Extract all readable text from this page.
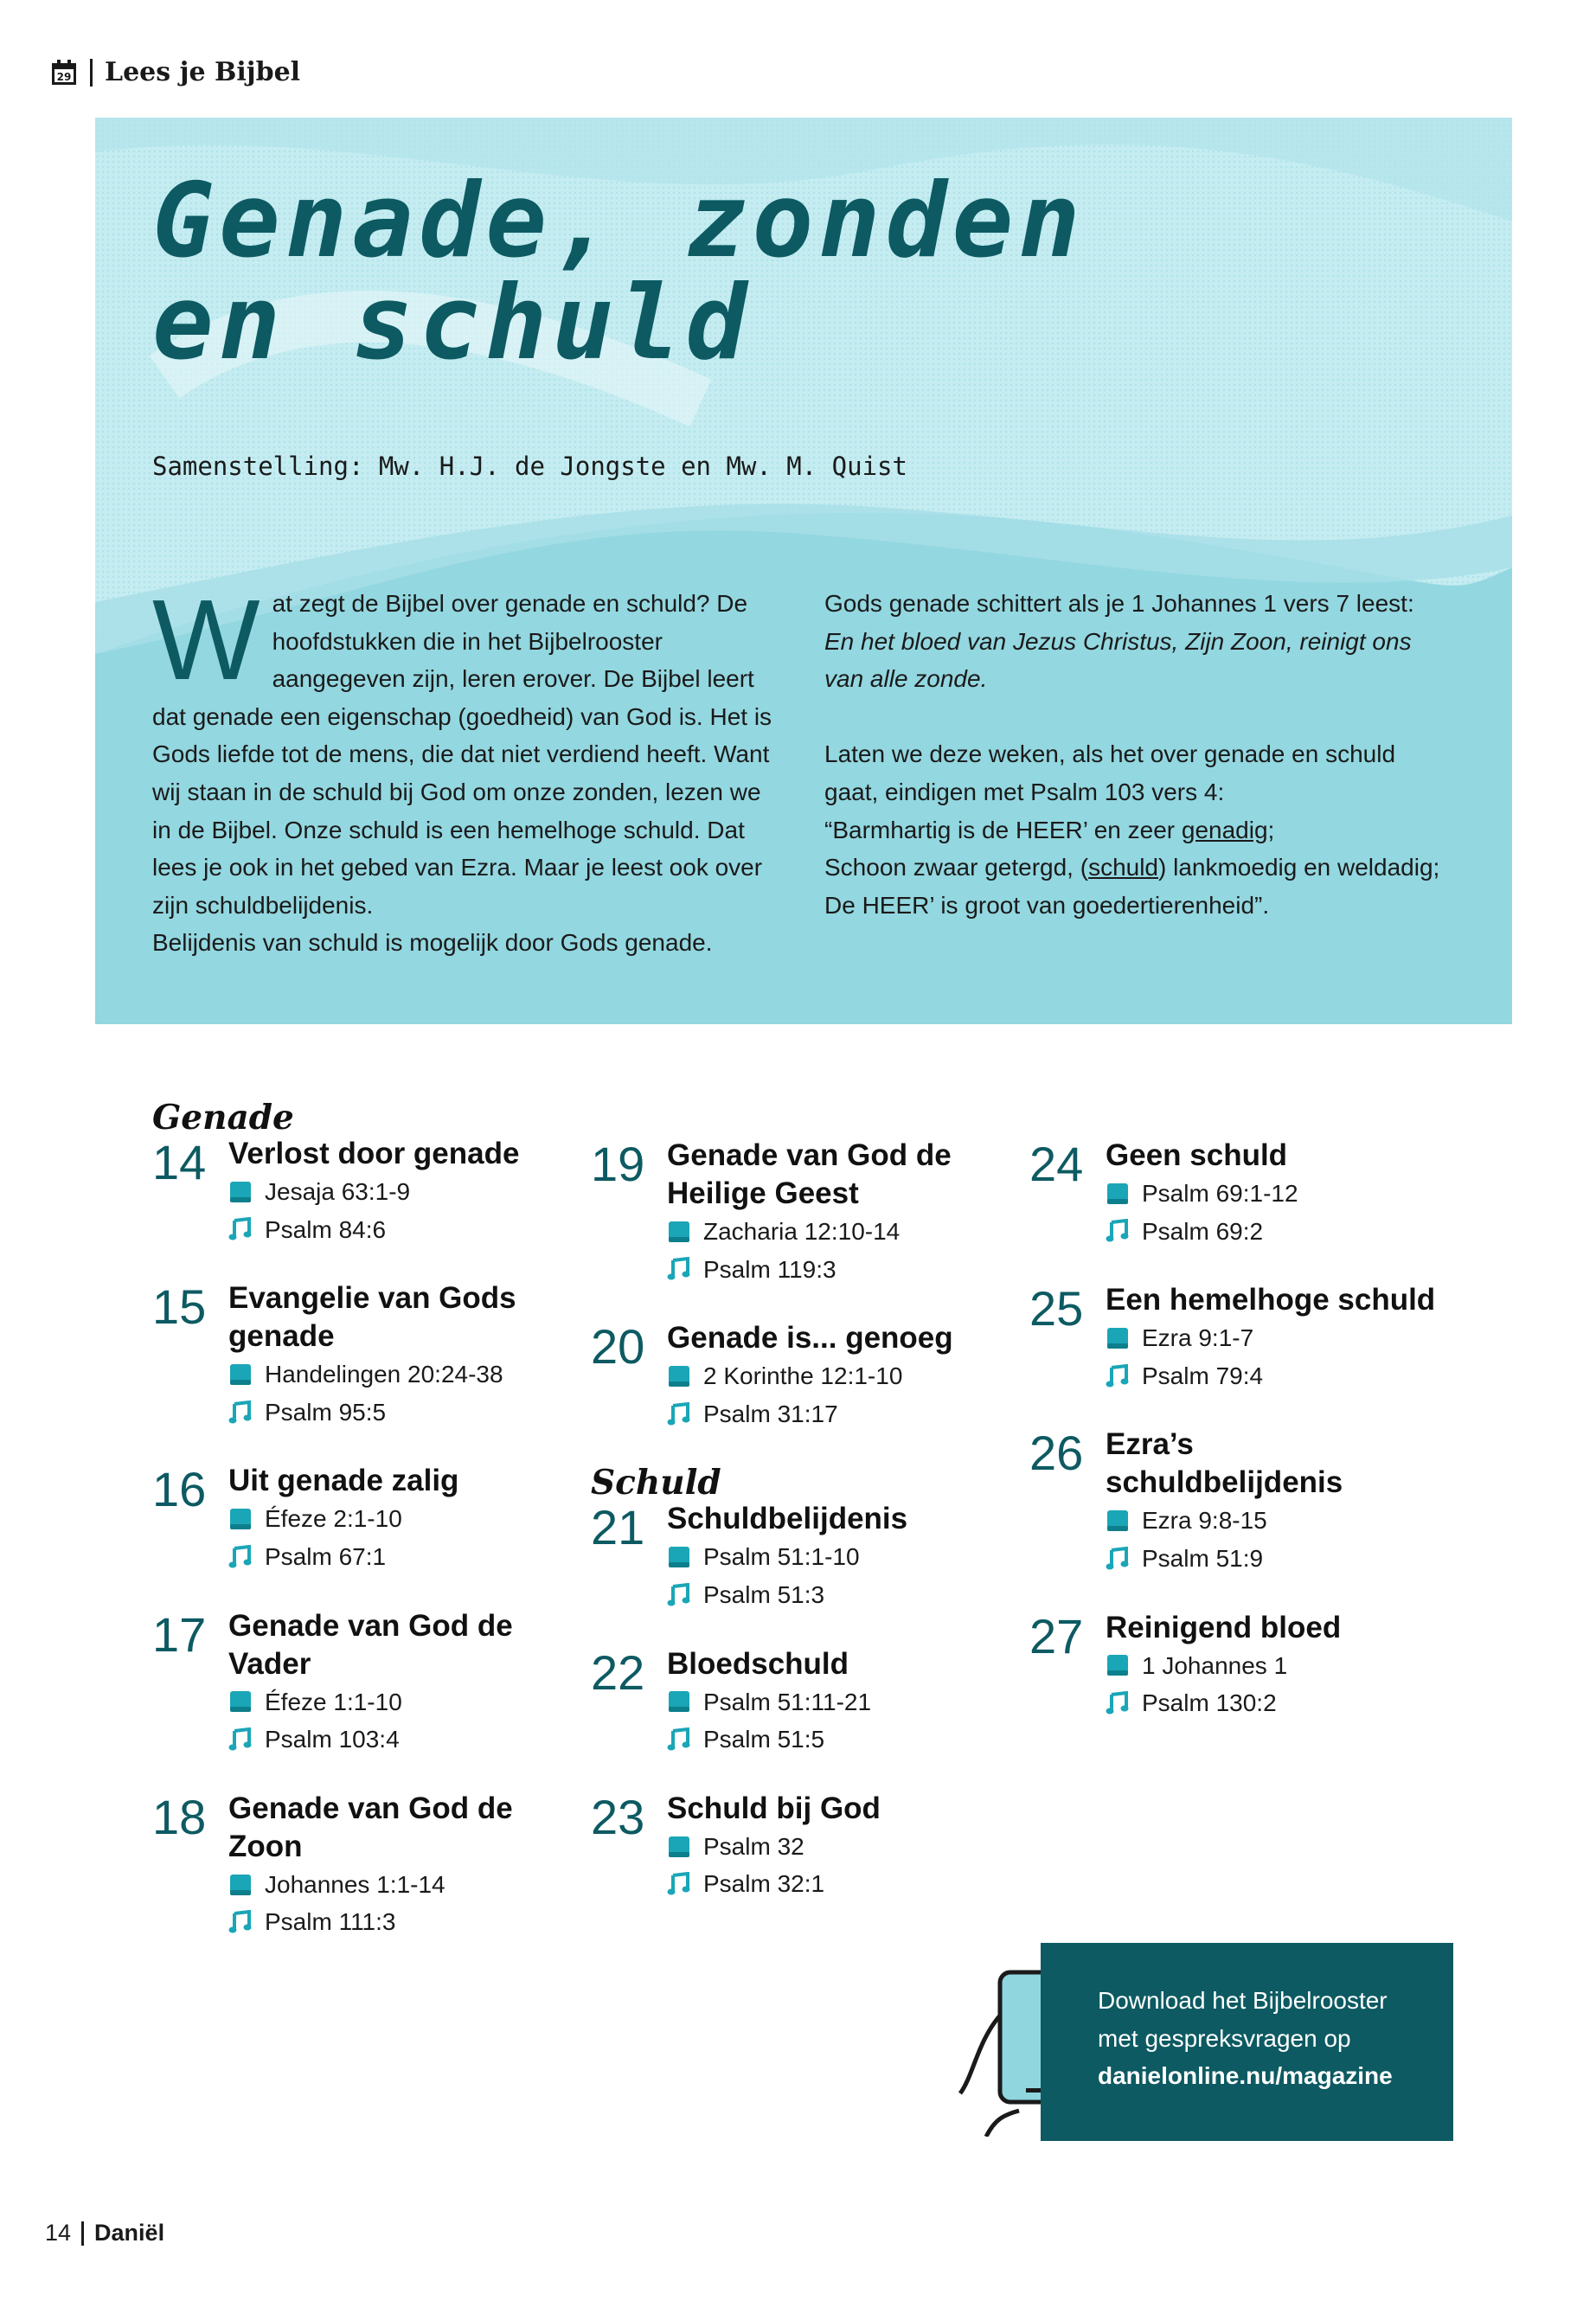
29 Lees je Bijbel
Genade, zonden
en schuld
Samenstelling: Mw. H.J. de Jongste en Mw. M. Quist
W at zegt de Bijbel over genade en schuld? De hoofdstukken die in het Bijbelrooster aangegeven zijn, leren erover. De Bijbel leert dat genade een eigenschap (goedheid) van God is. Het is Gods liefde tot de mens, die dat niet verdiend heeft. Want wij staan in de schuld bij God om onze zonden, lezen we in de Bijbel. Onze schuld is een hemelhoge schuld. Dat lees je ook in het gebed van Ezra. Maar je leest ook over zijn schuldbelijdenis.
Belijdenis van schuld is mogelijk door Gods genade.

Gods genade schittert als je 1 Johannes 1 vers 7 leest: En het bloed van Jezus Christus, Zijn Zoon, reinigt ons van alle zonde.

Laten we deze weken, als het over genade en schuld gaat, eindigen met Psalm 103 vers 4:
“Barmhartig is de HEER’ en zeer genadig;
Schoon zwaar getergd, (schuld) lankmoedig en weldadig;
De HEER’ is groot van goedertierenheid”.

Genade
14 Verlost door genade
Jesaja 63:1-9
Psalm 84:6
15 Evangelie van Gods genade
Handelingen 20:24-38
Psalm 95:5
16 Uit genade zalig
Éfeze 2:1-10
Psalm 67:1
17 Genade van God de Vader
Éfeze 1:1-10
Psalm 103:4
18 Genade van God de Zoon
Johannes 1:1-14
Psalm 111:3
19 Genade van God de Heilige Geest
Zacharia 12:10-14
Psalm 119:3
20 Genade is... genoeg
2 Korinthe 12:1-10
Psalm 31:17
Schuld
21 Schuldbelijdenis
Psalm 51:1-10
Psalm 51:3
22 Bloedschuld
Psalm 51:11-21
Psalm 51:5
23 Schuld bij God
Psalm 32
Psalm 32:1
24 Geen schuld
Psalm 69:1-12
Psalm 69:2
25 Een hemelhoge schuld
Ezra 9:1-7
Psalm 79:4
26 Ezra’s schuldbelijdenis
Ezra 9:8-15
Psalm 51:9
27 Reinigend bloed
1 Johannes 1
Psalm 130:2
Download het Bijbelrooster
met gespreksvragen op
danielonline.nu/magazine
14 Daniël
